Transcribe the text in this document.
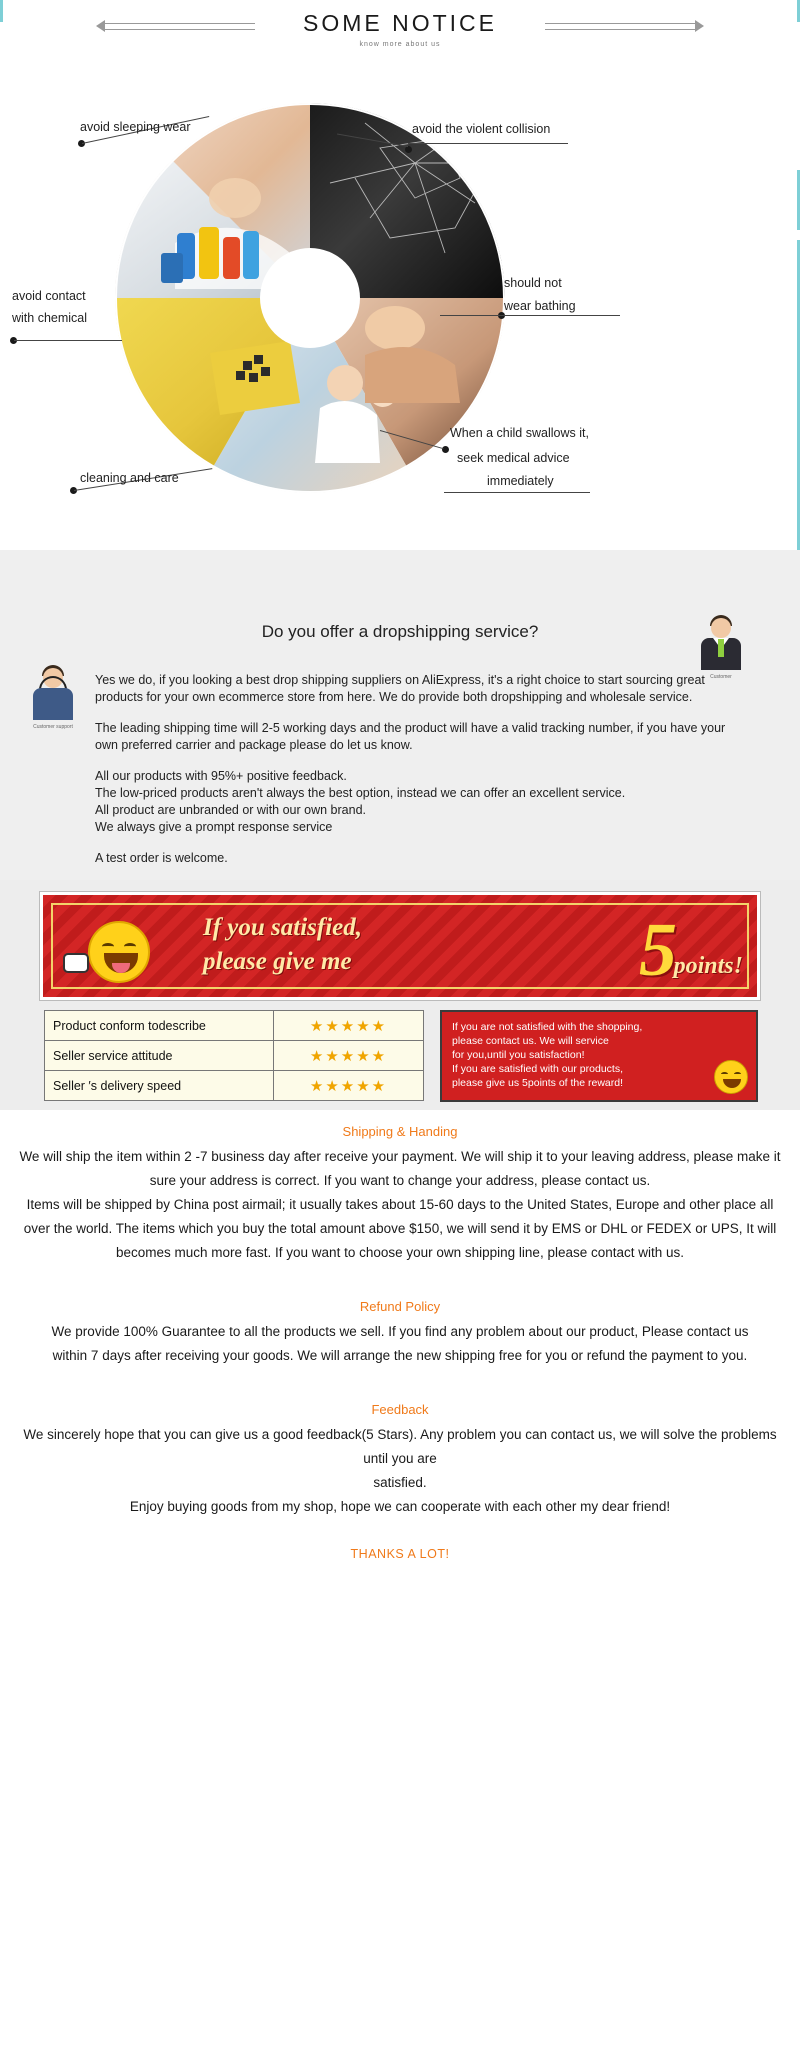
SOME NOTICE
know more about us
avoid sleeping wear	avoid the violent collision
avoid contact
with chemical
should not
wear bathing
cleaning and care
When a child swallows it,
seek medical advice
immediately
Do you offer a dropshipping service?
Customer support
Customer

Yes we do, if you looking a best drop shipping suppliers on AliExpress, it's a right choice to start sourcing great products for your own ecommerce store from here. We do provide both dropshipping and wholesale service.

The leading shipping time will 2-5 working days and the product will have a valid tracking number, if you have your own preferred carrier and package please do let us know.

All our products with 95%+ positive feedback.

The low-priced products aren't always the best option, instead we can offer an excellent service.

All product are unbranded or with our own brand.

We always give a prompt response service

A test order is welcome.

If you satisfied,
please give me	5
points!
Product conform todescribe	★★★★★
Seller service attitude	★★★★★
Seller ′s delivery speed	★★★★★
If you are not satisfied with the shopping,
please contact us. We will service
for you,until you satisfaction!
If you are satisfied with our products,
please give us 5points of the reward!
Shipping & Handing

We will ship the item within 2 -7 business day after receive your payment. We will ship it to your leaving address, please make it sure your address is correct. If you want to change your address, please contact us.

Items will be shipped by China post airmail; it usually takes about 15-60 days to the United States, Europe and other place all over the world. The items which you buy the total amount above $150, we will send it by EMS or DHL or FEDEX or UPS, It will becomes much more fast. If you want to choose your own shipping line, please contact with us.

Refund Policy

We provide 100% Guarantee to all the products we sell. If you find any problem about our product, Please contact us within 7 days after receiving your goods. We will arrange the new shipping free for you or refund the payment to you.

Feedback

We sincerely hope that you can give us a good feedback(5 Stars). Any problem you can contact us, we will solve the problems until you are

satisfied.

Enjoy buying goods from my shop, hope we can cooperate with each other my dear friend!

THANKS A LOT!
